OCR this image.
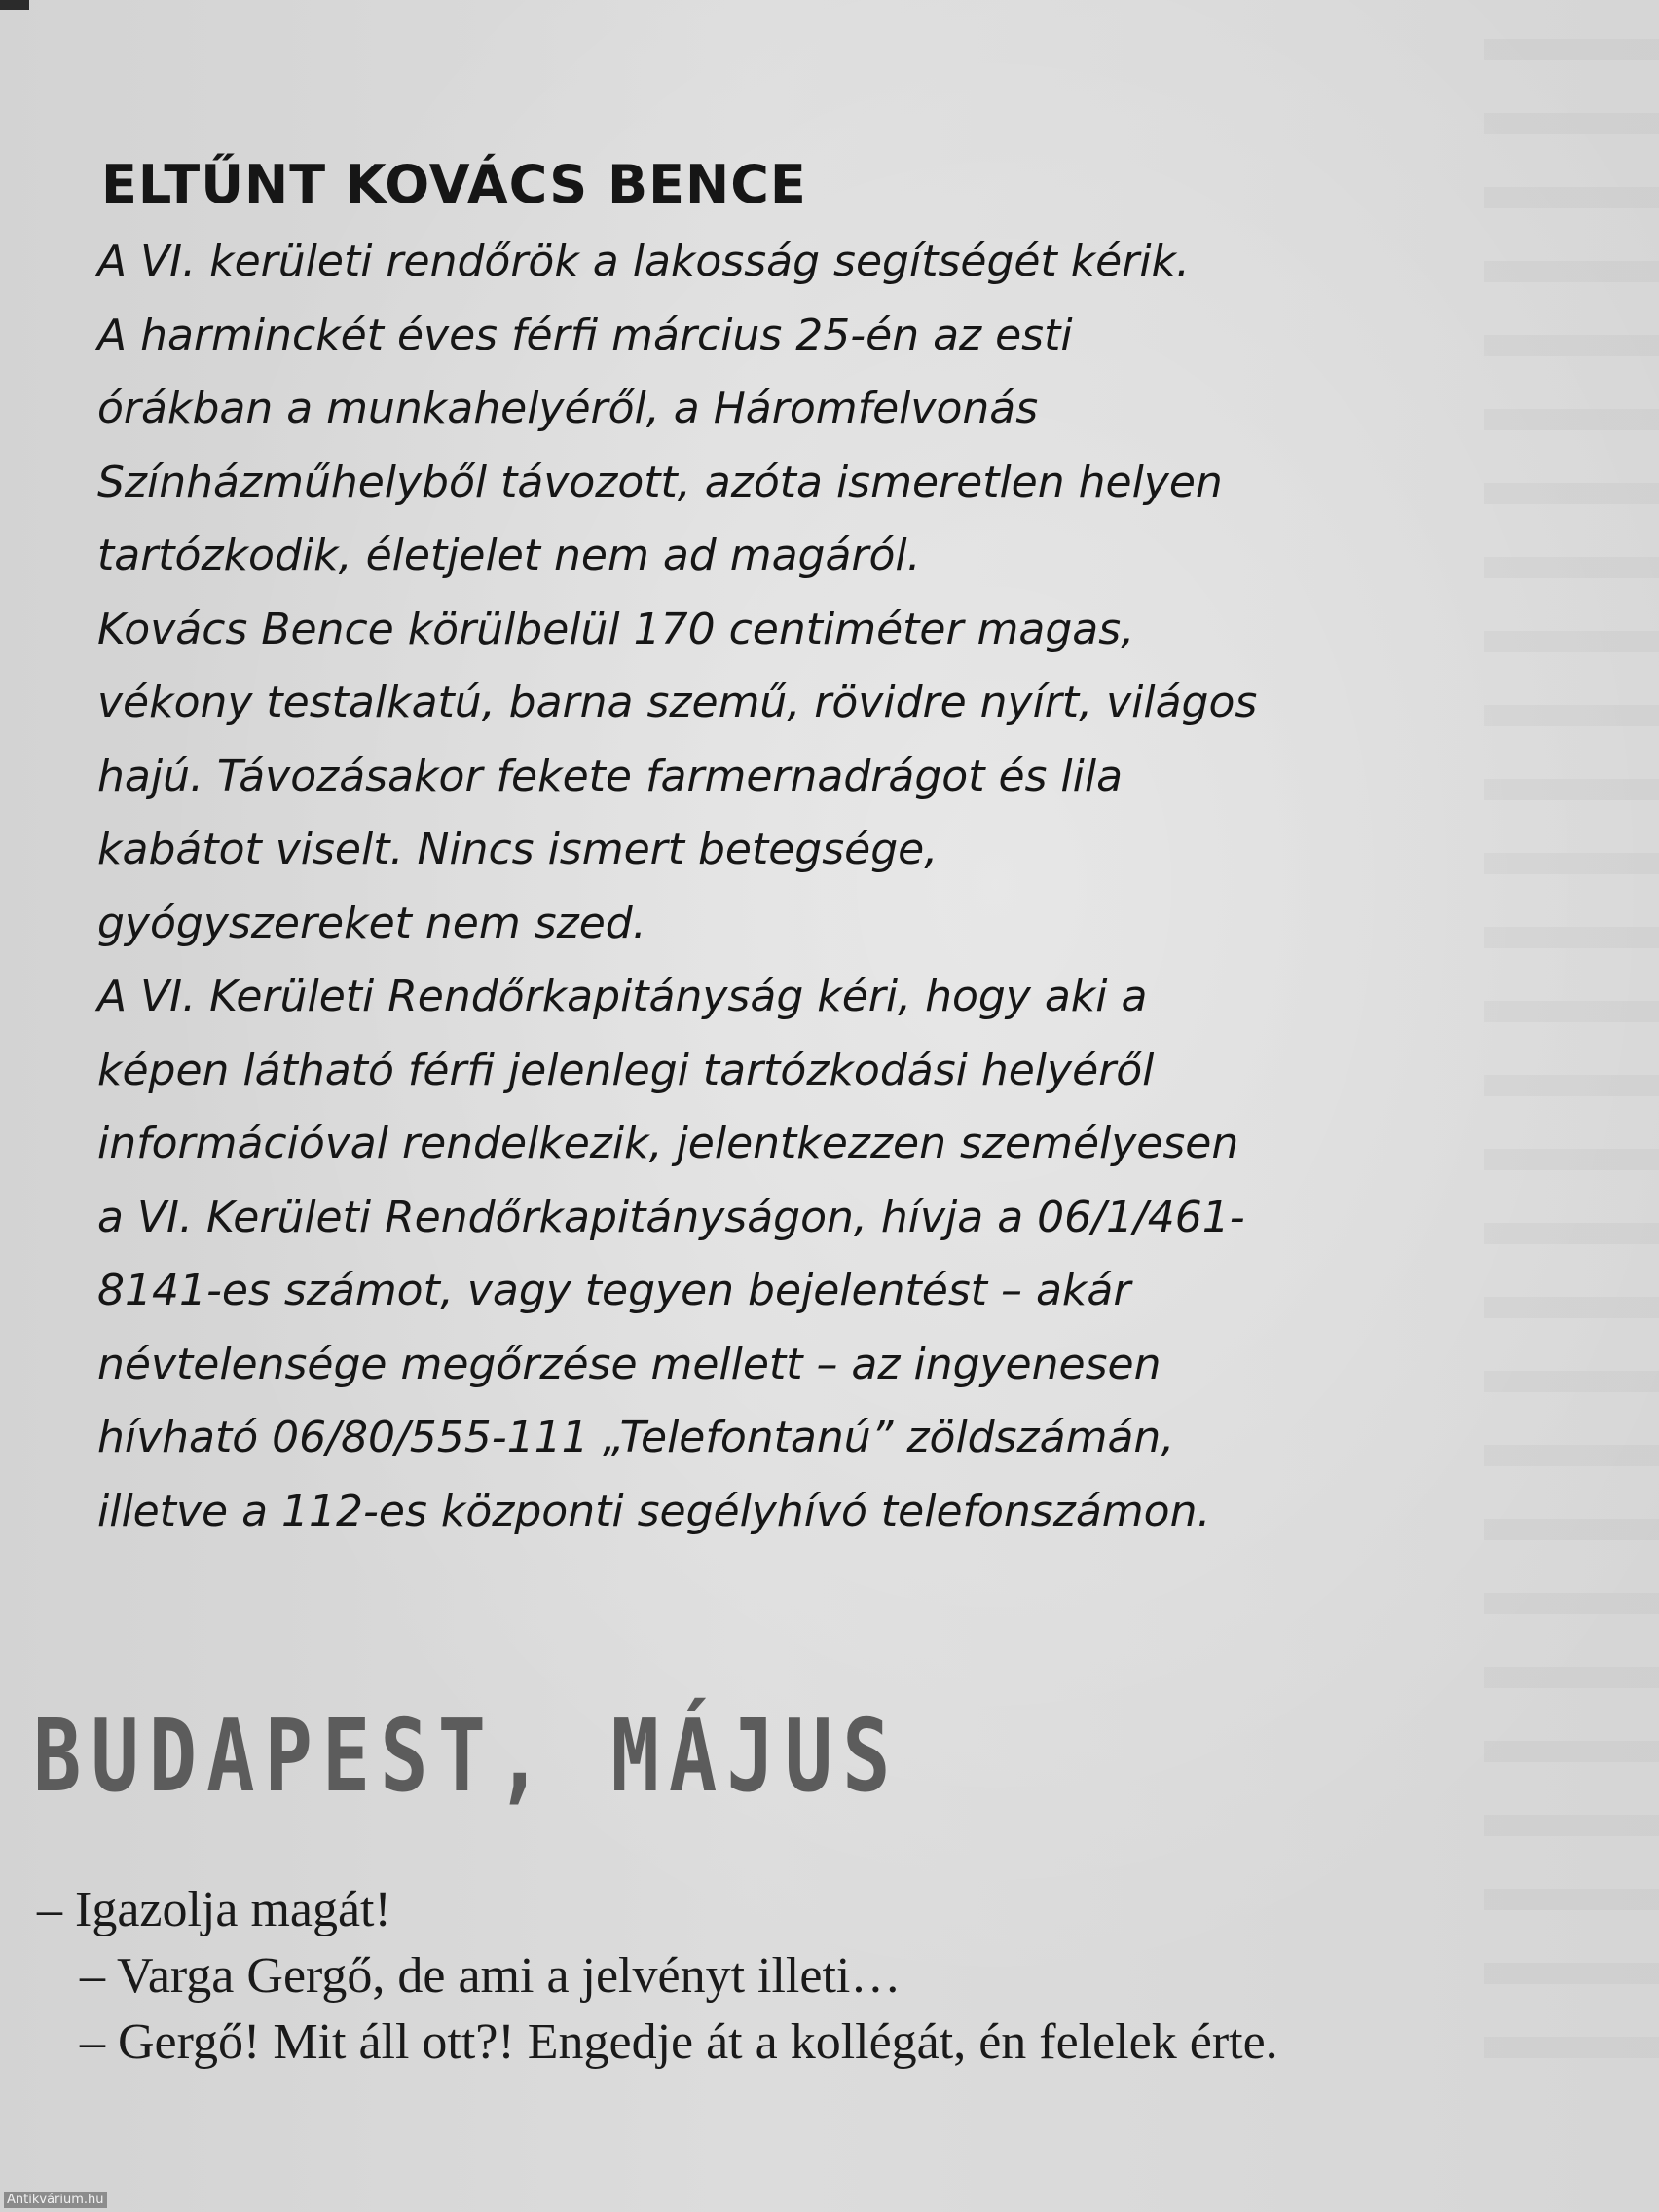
ELTŰNT KOVÁCS BENCE

A VI. kerületi rendőrök a lakosság segítségét kérik.

A harminckét éves férfi március 25-én az esti

órákban a munkahelyéről, a Háromfelvonás

Színházműhelyből távozott, azóta ismeretlen helyen

tartózkodik, életjelet nem ad magáról.

Kovács Bence körülbelül 170 centiméter magas,

vékony testalkatú, barna szemű, rövidre nyírt, világos

hajú. Távozásakor fekete farmernadrágot és lila

kabátot viselt. Nincs ismert betegsége,

gyógyszereket nem szed.

A VI. Kerületi Rendőrkapitányság kéri, hogy aki a

képen látható férfi jelenlegi tartózkodási helyéről

információval rendelkezik, jelentkezzen személyesen

a VI. Kerületi Rendőrkapitányságon, hívja a 06/1/461-

8141-es számot, vagy tegyen bejelentést – akár

névtelensége megőrzése mellett – az ingyenesen

hívható 06/80/555-111 „Telefontanú” zöldszámán,

illetve a 112-es központi segélyhívó telefonszámon.

BUDAPEST, MÁJUS

– Igazolja magát!

– Varga Gergő, de ami a jelvényt illeti…

– Gergő! Mit áll ott?! Engedje át a kollégát, én felelek érte.

Antikvárium.hu
